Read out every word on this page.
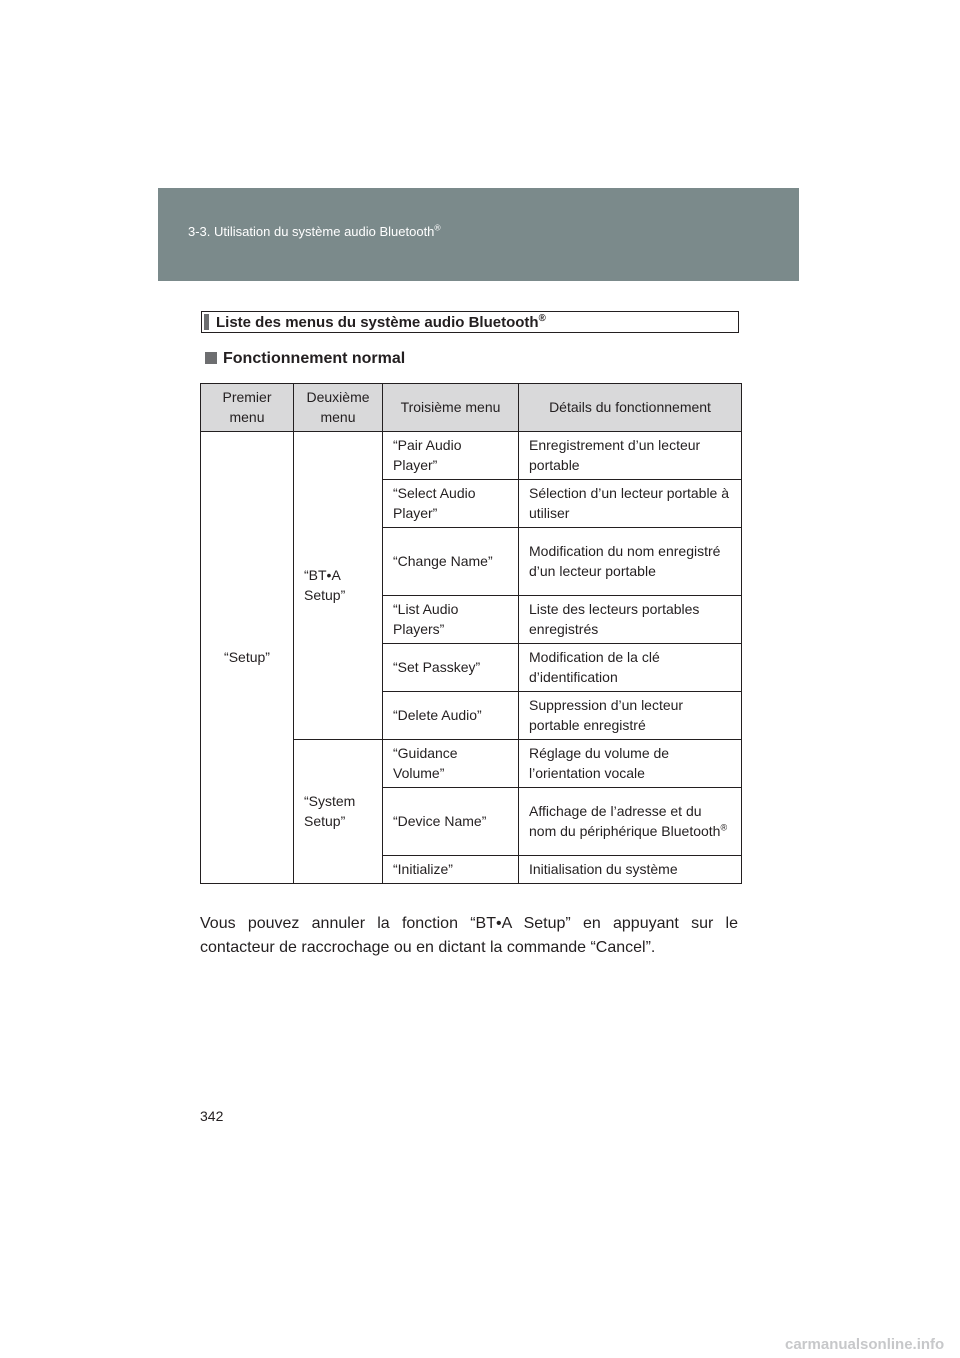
3-3. Utilisation du système audio Bluetooth®
Liste des menus du système audio Bluetooth®
Fonctionnement normal
Premier menu	Deuxième menu	Troisième menu	Détails du fonctionnement
“Setup”	“BT•A Setup”	“Pair Audio Player”	Enregistrement d’un lecteur portable
		“Select Audio Player”	Sélection d’un lecteur portable à utiliser
		“Change Name”	Modification du nom enregistré d’un lecteur portable
		“List Audio Players”	Liste des lecteurs portables enregistrés
		“Set Passkey”	Modification de la clé d’identification
		“Delete Audio”	Suppression d’un lecteur portable enregistré
	“System Setup”	“Guidance Volume”	Réglage du volume de l’orientation vocale
		“Device Name”	Affichage de l’adresse et du nom du périphérique Bluetooth®
		“Initialize”	Initialisation du système

Vous pouvez annuler la fonction “BT•A Setup” en appuyant sur le contacteur de raccrochage ou en dictant la commande “Cancel”.

342
carmanualsonline.info
